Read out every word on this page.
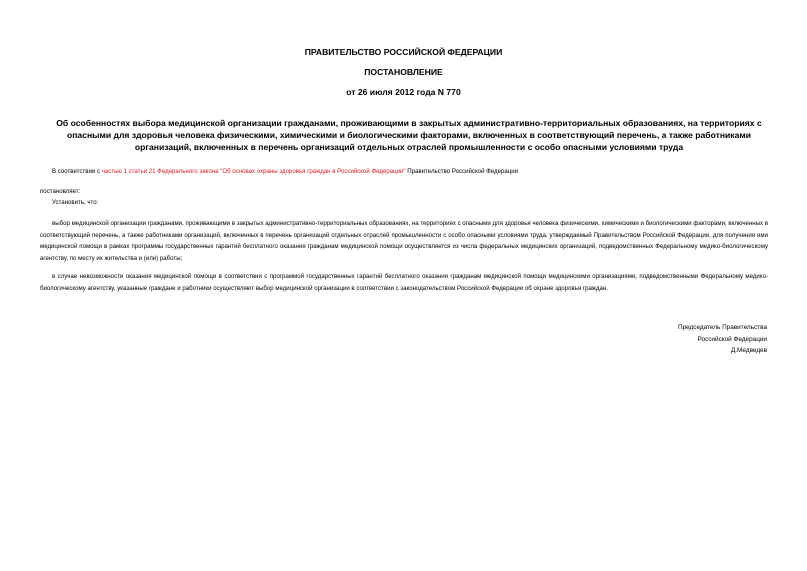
ПРАВИТЕЛЬСТВО РОССИЙСКОЙ ФЕДЕРАЦИИ
ПОСТАНОВЛЕНИЕ
от 26 июля 2012 года N 770
Об особенностях выбора медицинской организации гражданами, проживающими в закрытых административно-территориальных образованиях, на территориях с опасными для здоровья человека физическими, химическими и биологическими факторами, включенных в соответствующий перечень, а также работниками организаций, включенных в перечень организаций отдельных отраслей промышленности с особо опасными условиями труда
В соответствии с частью 1 статьи 21 Федерального закона "Об основах охраны здоровья граждан в Российской Федерации" Правительство Российской Федерации
постановляет:
Установить, что:
выбор медицинской организации гражданами, проживающими в закрытых административно-территориальных образованиях, на территориях с опасными для здоровья человека физическими, химическими и биологическими факторами, включенных в соответствующий перечень, а также работниками организаций, включенных в перечень организаций отдельных отраслей промышленности с особо опасными условиями труда, утверждаемый Правительством Российской Федерации, для получения ими медицинской помощи в рамках программы государственных гарантий бесплатного оказания гражданам медицинской помощи осуществляется из числа федеральных медицинских организаций, подведомственных Федеральному медико-биологическому агентству, по месту их жительства и (или) работы;
в случае невозможности оказания медицинской помощи в соответствии с программой государственных гарантий бесплатного оказания гражданам медицинской помощи медицинскими организациями, подведомственными Федеральному медико-биологическому агентству, указанные граждане и работники осуществляют выбор медицинской организации в соответствии с законодательством Российской Федерации об охране здоровья граждан.
Председатель Правительства
Российской Федерации
Д.Медведев
